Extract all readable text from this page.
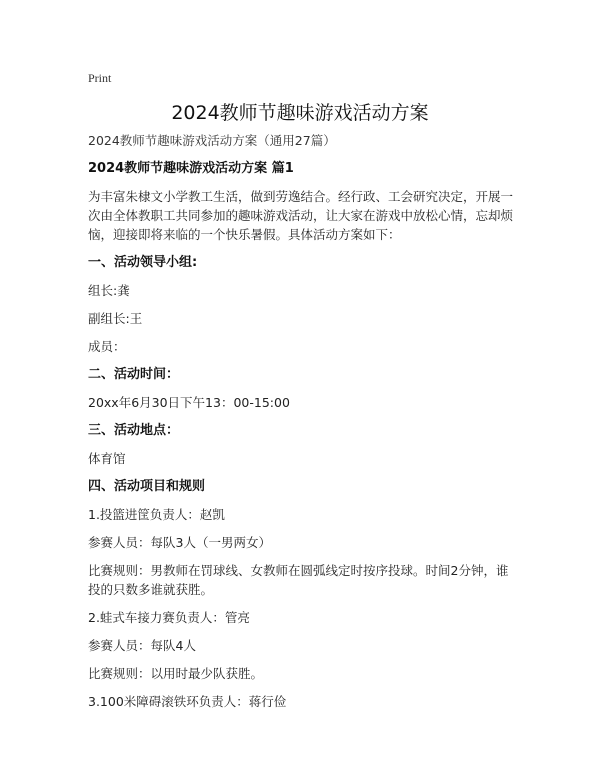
Print
2024教师节趣味游戏活动方案

2024教师节趣味游戏活动方案（通用27篇）

2024教师节趣味游戏活动方案 篇1

为丰富朱棣文小学教工生活，做到劳逸结合。经行政、工会研究决定，开展一次由全体教职工共同参加的趣味游戏活动，让大家在游戏中放松心情，忘却烦恼，迎接即将来临的一个快乐暑假。具体活动方案如下：

一、活动领导小组:

组长:龚

副组长:王

成员：

二、活动时间：

20xx年6月30日下午13：00-15:00

三、活动地点：

体育馆

四、活动项目和规则

1.投篮进筐负责人：赵凯

参赛人员：每队3人（一男两女）

比赛规则：男教师在罚球线、女教师在圆弧线定时按序投球。时间2分钟，谁投的只数多谁就获胜。

2.蛙式车接力赛负责人：管亮

参赛人员：每队4人

比赛规则：以用时最少队获胜。

3.100米障碍滚铁环负责人：蒋行俭
